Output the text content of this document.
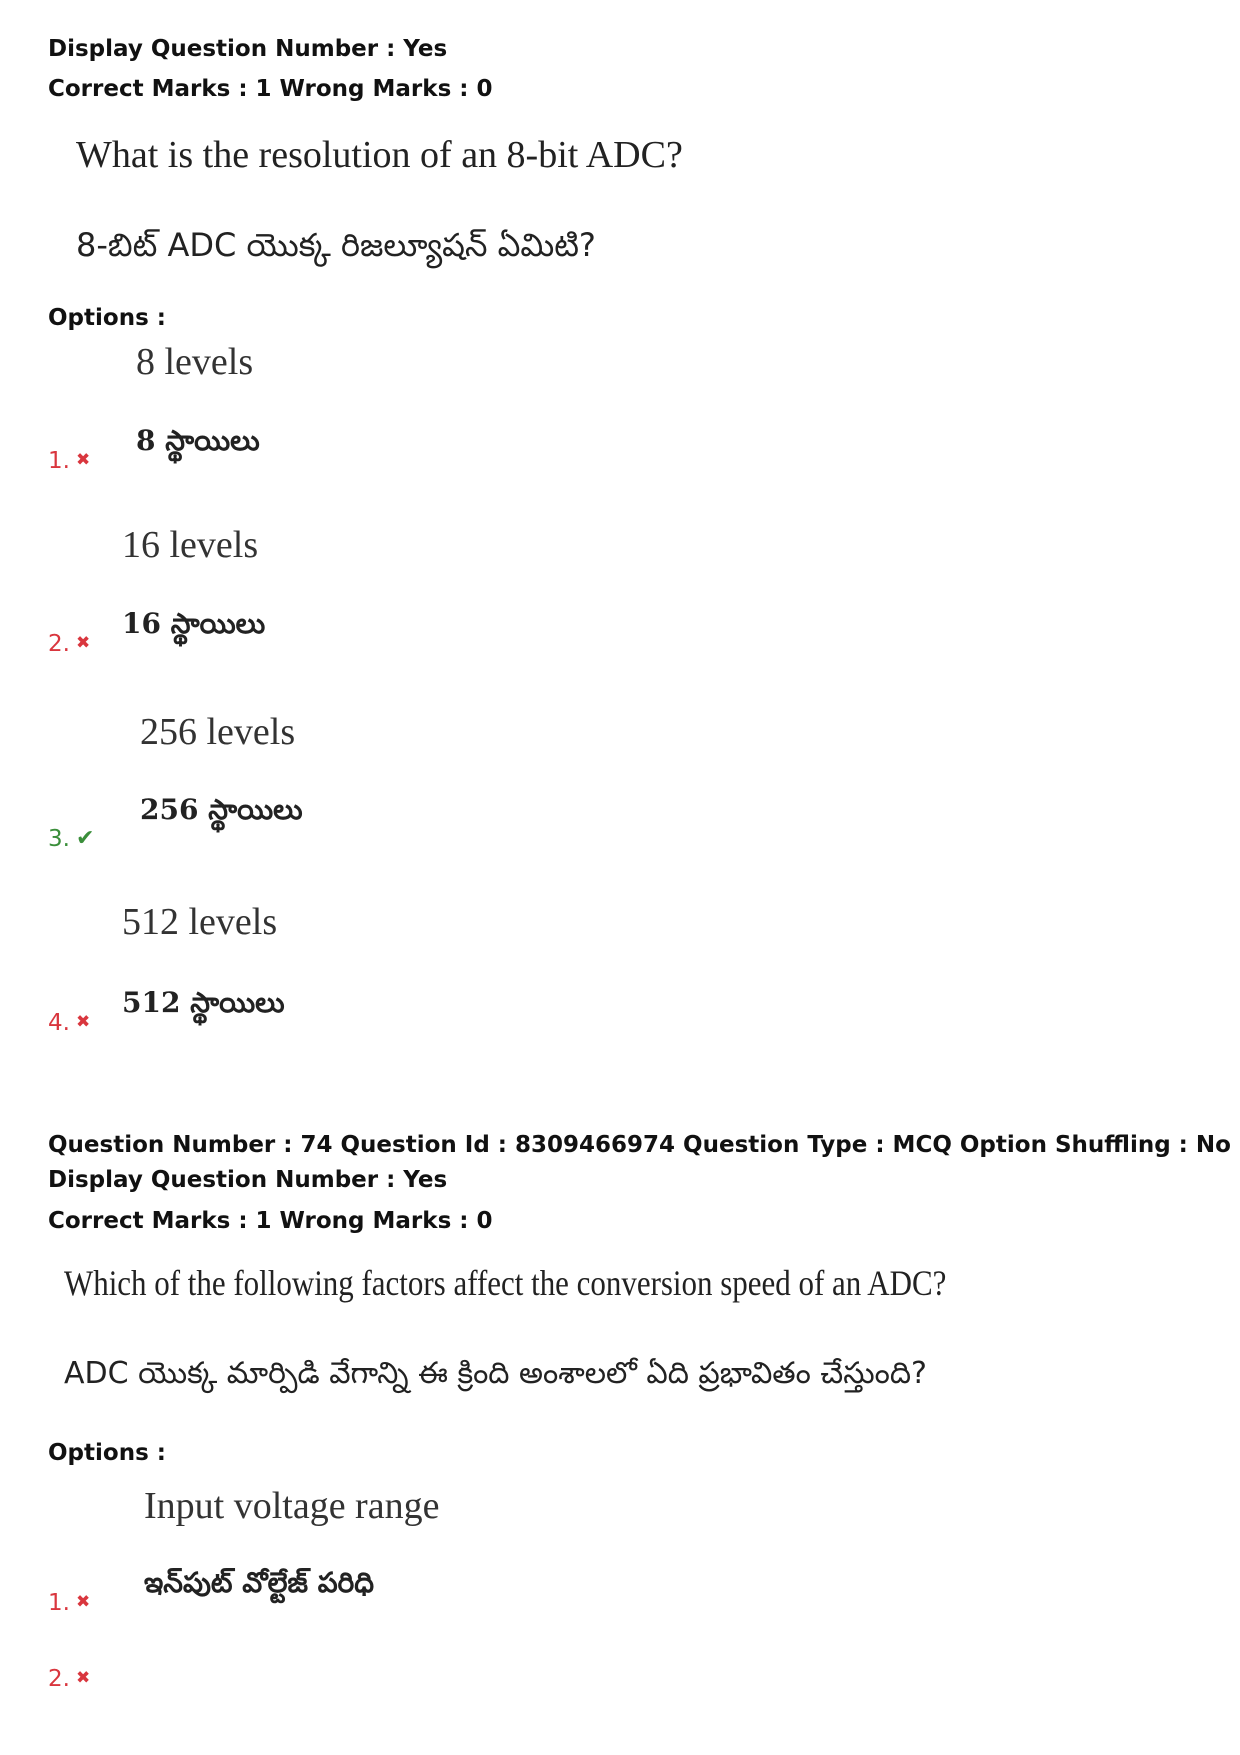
Display Question Number : Yes
Correct Marks : 1 Wrong Marks : 0
What is the resolution of an 8-bit ADC?
8-బిట్ ADC యొక్క రిజల్యూషన్ ఏమిటి?
Options :
8 levels
8 స్థాయిలు
1. ✖
16 levels
16 స్థాయిలు
2. ✖
256 levels
256 స్థాయిలు
3. ✔
512 levels
512 స్థాయిలు
4. ✖
Question Number : 74 Question Id : 8309466974 Question Type : MCQ Option Shuffling : No
Display Question Number : Yes
Correct Marks : 1 Wrong Marks : 0
Which of the following factors affect the conversion speed of an ADC?
ADC యొక్క మార్పిడి వేగాన్ని ఈ క్రింది అంశాలలో ఏది ప్రభావితం చేస్తుంది?
Options :
Input voltage range
ఇన్‌పుట్ వోల్టేజ్ పరిధి
1. ✖
2. ✖
